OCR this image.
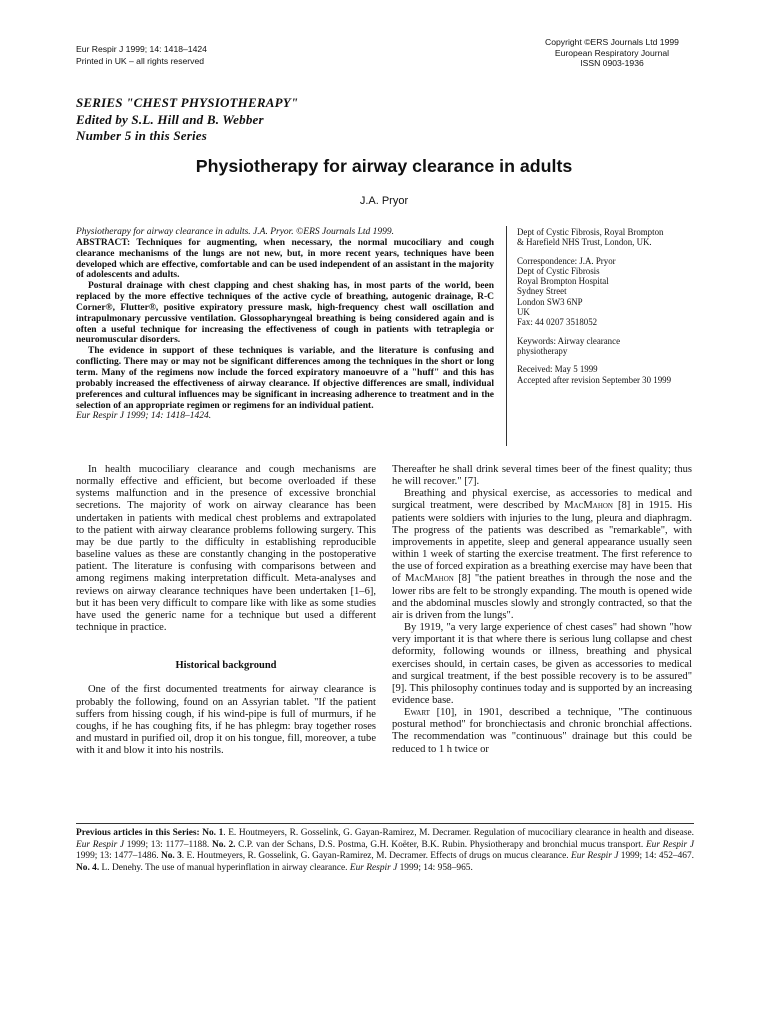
Eur Respir J 1999; 14: 1418–1424
Printed in UK – all rights reserved
Copyright ©ERS Journals Ltd 1999
European Respiratory Journal
ISSN 0903-1936
SERIES "CHEST PHYSIOTHERAPY"
Edited by S.L. Hill and B. Webber
Number 5 in this Series
Physiotherapy for airway clearance in adults
J.A. Pryor

Physiotherapy for airway clearance in adults. J.A. Pryor. ©ERS Journals Ltd 1999.

ABSTRACT: Techniques for augmenting, when necessary, the normal mucociliary and cough clearance mechanisms of the lungs are not new, but, in more recent years, techniques have been developed which are effective, comfortable and can be used independent of an assistant in the majority of adolescents and adults.

Postural drainage with chest clapping and chest shaking has, in most parts of the world, been replaced by the more effective techniques of the active cycle of breathing, autogenic drainage, R-C Corner®, Flutter®, positive expiratory pressure mask, high-frequency chest wall oscillation and intrapulmonary percussive ventilation. Glossopharyngeal breathing is being considered again and is often a useful technique for increasing the effectiveness of cough in patients with tetraplegia or neuromuscular disorders.

The evidence in support of these techniques is variable, and the literature is confusing and conflicting. There may or may not be significant differences among the techniques in the short or long term. Many of the regimens now include the forced expiratory manoeuvre of a "huff" and this has probably increased the effectiveness of airway clearance. If objective differences are small, individual preferences and cultural influences may be significant in increasing adherence to treatment and in the selection of an appropriate regimen or regimens for an individual patient.

Eur Respir J 1999; 14: 1418–1424.

Dept of Cystic Fibrosis, Royal Brompton
& Harefield NHS Trust, London, UK.

Correspondence: J.A. Pryor
Dept of Cystic Fibrosis
Royal Brompton Hospital
Sydney Street
London SW3 6NP
UK
Fax: 44 0207 3518052

Keywords: Airway clearance
physiotherapy

Received: May 5 1999
Accepted after revision September 30 1999

In health mucociliary clearance and cough mechanisms are normally effective and efficient, but become overloaded if these systems malfunction and in the presence of excessive bronchial secretions. The majority of work on airway clearance has been undertaken in patients with medical chest problems and extrapolated to the patient with airway clearance problems following surgery. This may be due partly to the difficulty in establishing reproducible baseline values as these are constantly changing in the postoperative patient. The literature is confusing with comparisons between and among regimens making interpretation difficult. Meta-analyses and reviews on airway clearance techniques have been undertaken [1–6], but it has been very difficult to compare like with like as some studies have used the generic name for a technique but used a different technique in practice.

Historical background

One of the first documented treatments for airway clearance is probably the following, found on an Assyrian tablet. "If the patient suffers from hissing cough, if his wind-pipe is full of murmurs, if he coughs, if he has coughing fits, if he has phlegm: bray together roses and mustard in purified oil, drop it on his tongue, fill, moreover, a tube with it and blow it into his nostrils.

Thereafter he shall drink several times beer of the finest quality; thus he will recover." [7].

Breathing and physical exercise, as accessories to medical and surgical treatment, were described by MacMahon [8] in 1915. His patients were soldiers with injuries to the lung, pleura and diaphragm. The progress of the patients was described as "remarkable", with improvements in appetite, sleep and general appearance usually seen within 1 week of starting the exercise treatment. The first reference to the use of forced expiration as a breathing exercise may have been that of MacMahon [8] "the patient breathes in through the nose and the lower ribs are felt to be strongly expanding. The mouth is opened wide and the abdominal muscles slowly and strongly contracted, so that the air is driven from the lungs".

By 1919, "a very large experience of chest cases" had shown "how very important it is that where there is serious lung collapse and chest deformity, following wounds or illness, breathing and physical exercises should, in certain cases, be given as accessories to medical and surgical treatment, if the best possible recovery is to be assured" [9]. This philosophy continues today and is supported by an increasing evidence base.

Ewart [10], in 1901, described a technique, "The continuous postural method" for bronchiectasis and chronic bronchial affections. The recommendation was "continuous" drainage but this could be reduced to 1 h twice or

Previous articles in this Series: No. 1. E. Houtmeyers, R. Gosselink, G. Gayan-Ramirez, M. Decramer. Regulation of mucociliary clearance in health and disease. Eur Respir J 1999; 13: 1177–1188. No. 2. C.P. van der Schans, D.S. Postma, G.H. Koëter, B.K. Rubin. Physiotherapy and bronchial mucus transport. Eur Respir J 1999; 13: 1477–1486. No. 3. E. Houtmeyers, R. Gosselink, G. Gayan-Ramirez, M. Decramer. Effects of drugs on mucus clearance. Eur Respir J 1999; 14: 452–467. No. 4. L. Denehy. The use of manual hyperinflation in airway clearance. Eur Respir J 1999; 14: 958–965.
